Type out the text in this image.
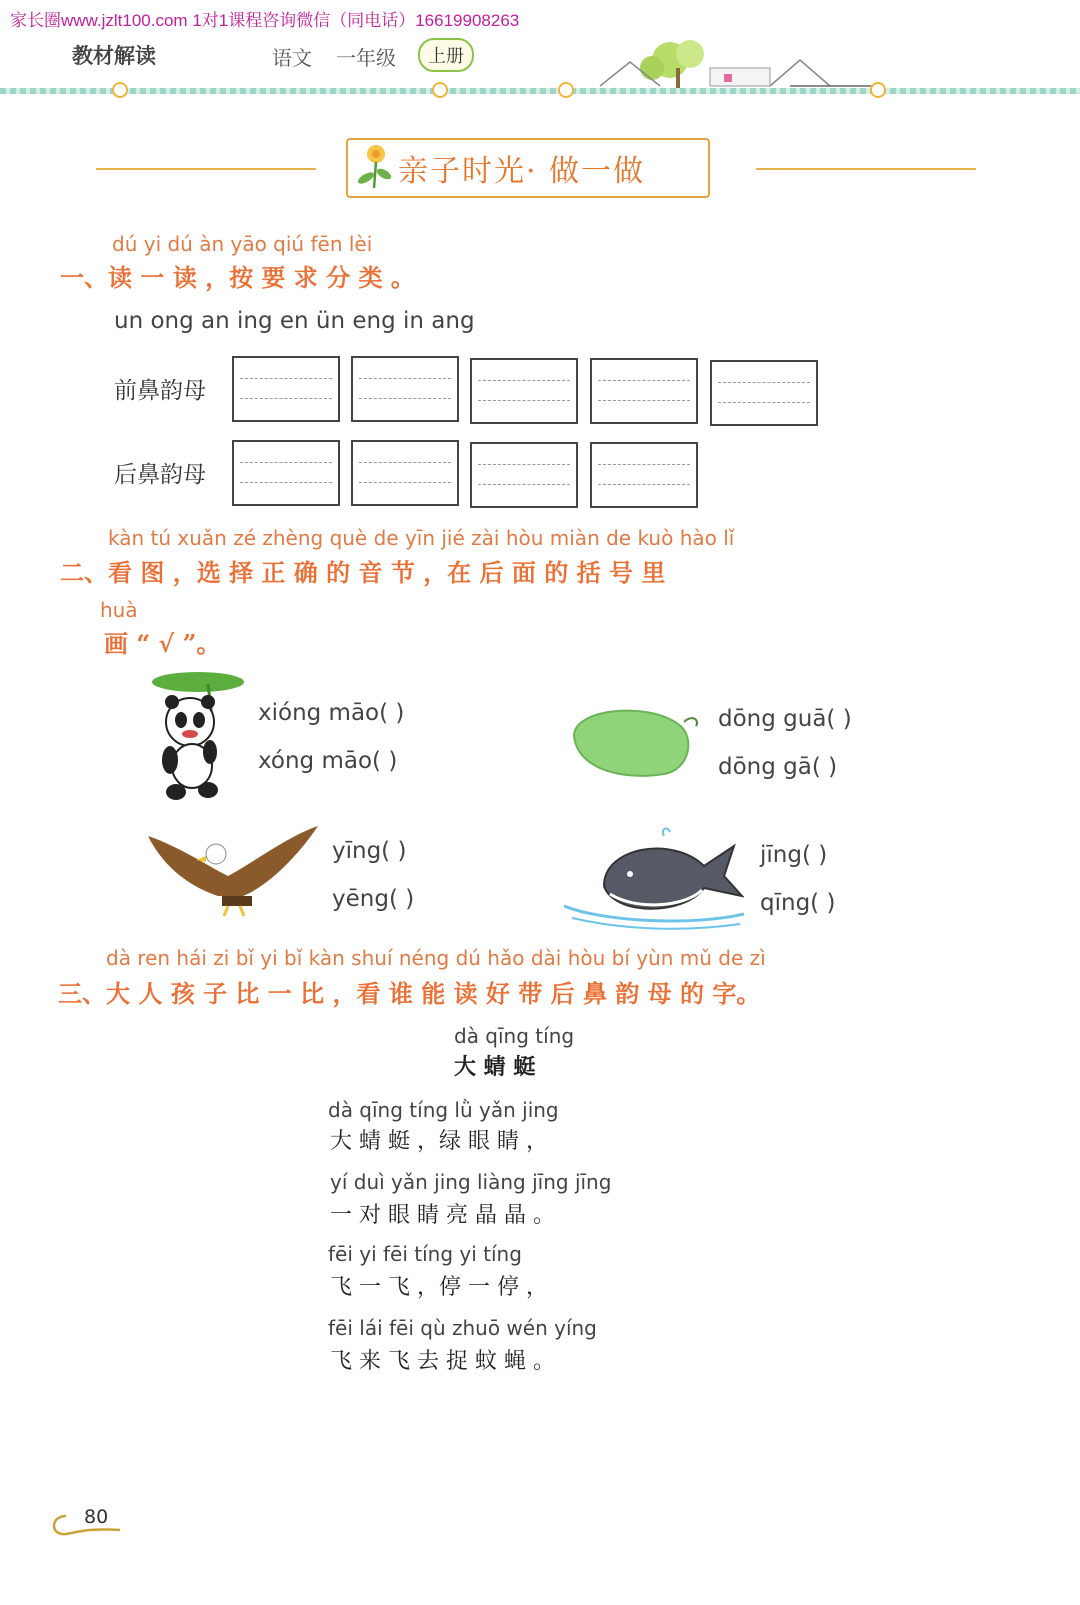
家长圈www.jzlt100.com 1对1课程咨询微信（同电话）16619908263
教材解读	语文 一年级	上册
亲子时光· 做一做
dú yi dú àn yāo qiú fēn lèi
一、读 一 读 ，按 要 求 分 类 。
un ong an ing en ün eng in ang
前鼻韵母
后鼻韵母
kàn tú xuǎn zé zhèng què de yīn jié zài hòu miàn de kuò hào lǐ
二、看 图 ，选 择 正 确 的 音 节 ，在 后 面 的 括 号 里
huà
画 “ √ ”。
xióng māo( )
xóng māo( )
dōng guā( )
dōng gā( )
yīng( )
yēng( )
jīng( )
qīng( )
dà ren hái zi bǐ yi bǐ kàn shuí néng dú hǎo dài hòu bí yùn mǔ de zì
三、大 人 孩 子 比 一 比 ，看 谁 能 读 好 带 后 鼻 韵 母 的 字。
dà qīng tíng
大 蜻 蜓
dà qīng tíng lǜ yǎn jing
大 蜻 蜓 ，绿 眼 睛 ，
yí duì yǎn jing liàng jīng jīng
一 对 眼 睛 亮 晶 晶 。
fēi yi fēi tíng yi tíng
飞 一 飞 ，停 一 停 ，
fēi lái fēi qù zhuō wén yíng
飞 来 飞 去 捉 蚊 蝇 。
80
